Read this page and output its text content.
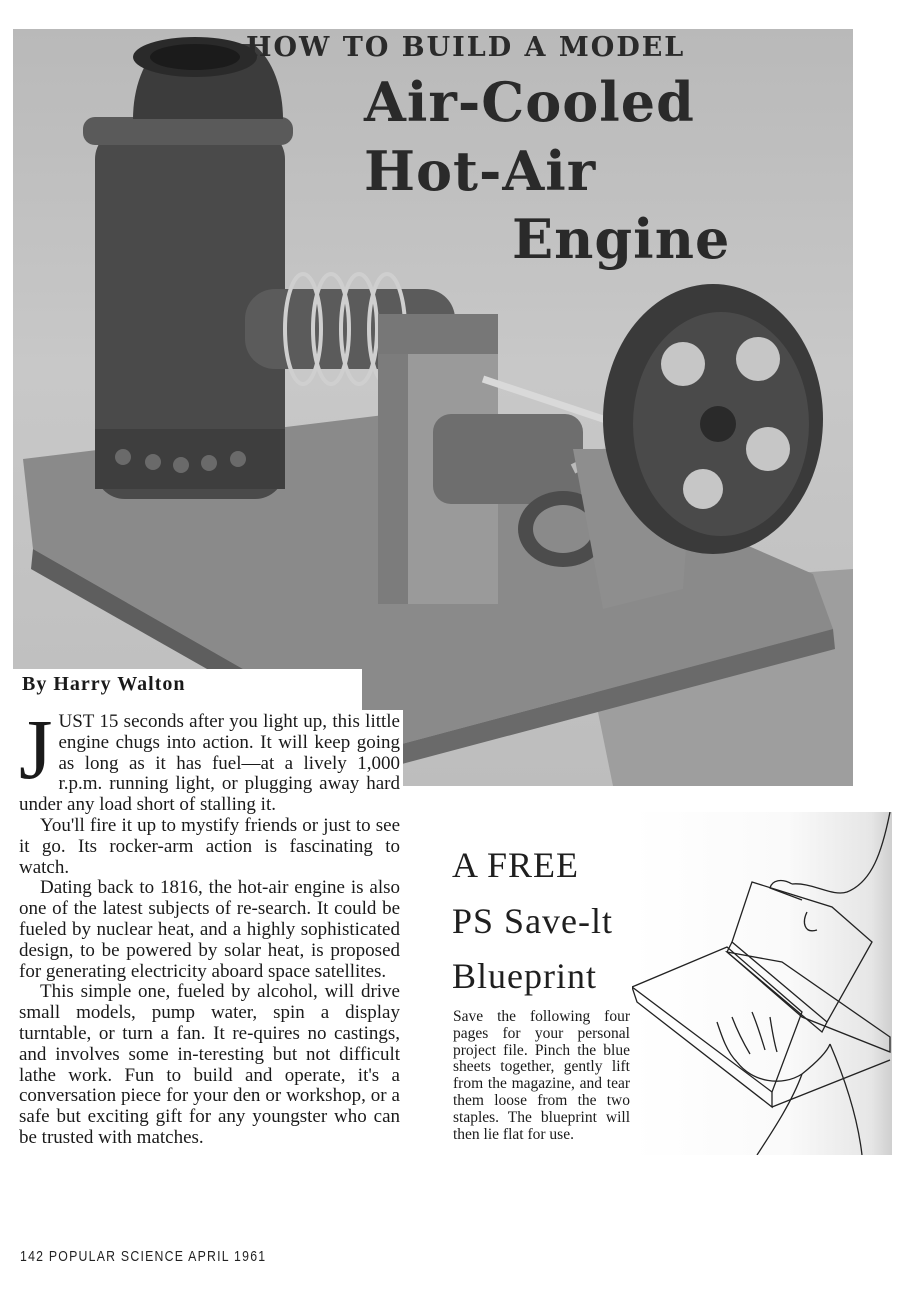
HOW TO BUILD A MODEL
Air-Cooled
Hot-Air
Engine
By Harry Walton

JUST 15 seconds after you light up, this little engine chugs into action. It will keep going as long as it has fuel—at a lively 1,000 r.p.m. running light, or plugging away hard under any load short of stalling it.

You'll fire it up to mystify friends or just to see it go. Its rocker-arm action is fascinating to watch.

Dating back to 1816, the hot-air engine is also one of the latest subjects of re-search. It could be fueled by nuclear heat, and a highly sophisticated design, to be powered by solar heat, is proposed for generating electricity aboard space satellites.

This simple one, fueled by alcohol, will drive small models, pump water, spin a display turntable, or turn a fan. It re-quires no castings, and involves some in-teresting but not difficult lathe work. Fun to build and operate, it's a conversation piece for your den or workshop, or a safe but exciting gift for any youngster who can be trusted with matches.

A FREE
PS Save-lt
Blueprint
Save the following four pages for your personal project file. Pinch the blue sheets together, gently lift from the magazine, and tear them loose from the two staples. The blueprint will then lie flat for use.
142 POPULAR SCIENCE APRIL 1961
